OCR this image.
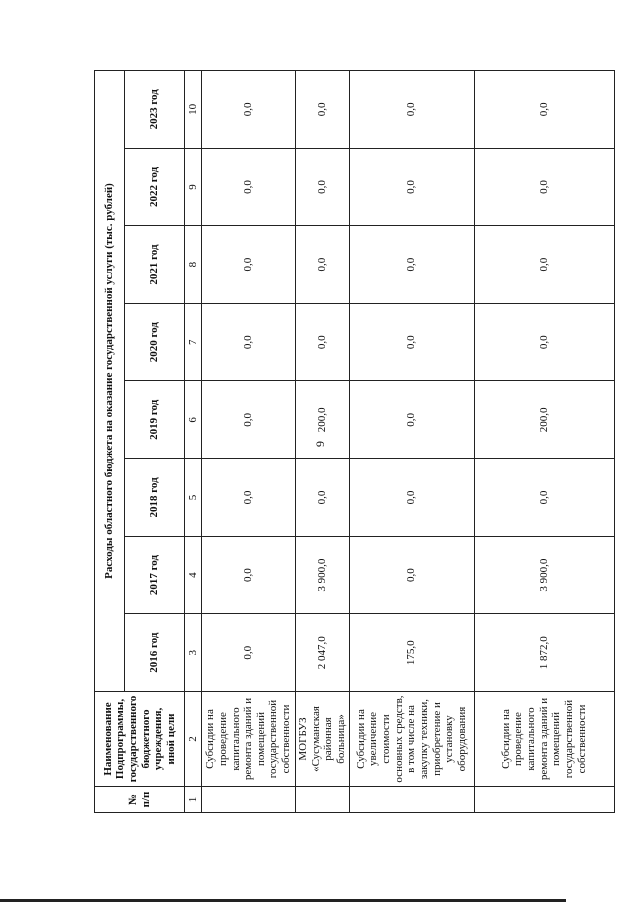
9
№ п/п	Наименование Подпрограммы, государственного бюджетного учреждения, иной цели	Расходы областного бюджета на оказание государственной услуги (тыс. рублей)							
		2016 год	2017 год	2018 год	2019 год	2020 год	2021 год	2022 год	2023 год
1	2	3	4	5	6	7	8	9	10
	Субсидии на проведение капитального ремонта зданий и помещений государственной собственности	0,0	0,0	0,0	0,0	0,0	0,0	0,0	0,0
	МОГБУЗ «Сусуманская районная больница»	2 047,0	3 900,0	0,0	200,0	0,0	0,0	0,0	0,0
	Субсидии на увеличение стоимости основных средств, в том числе на закупку техники, приобретение и установку оборудования	175,0	0,0	0,0	0,0	0,0	0,0	0,0	0,0
	Субсидии на проведение капитального ремонта зданий и помещений государственной собственности	1 872,0	3 900,0	0,0	200,0	0,0	0,0	0,0	0,0
